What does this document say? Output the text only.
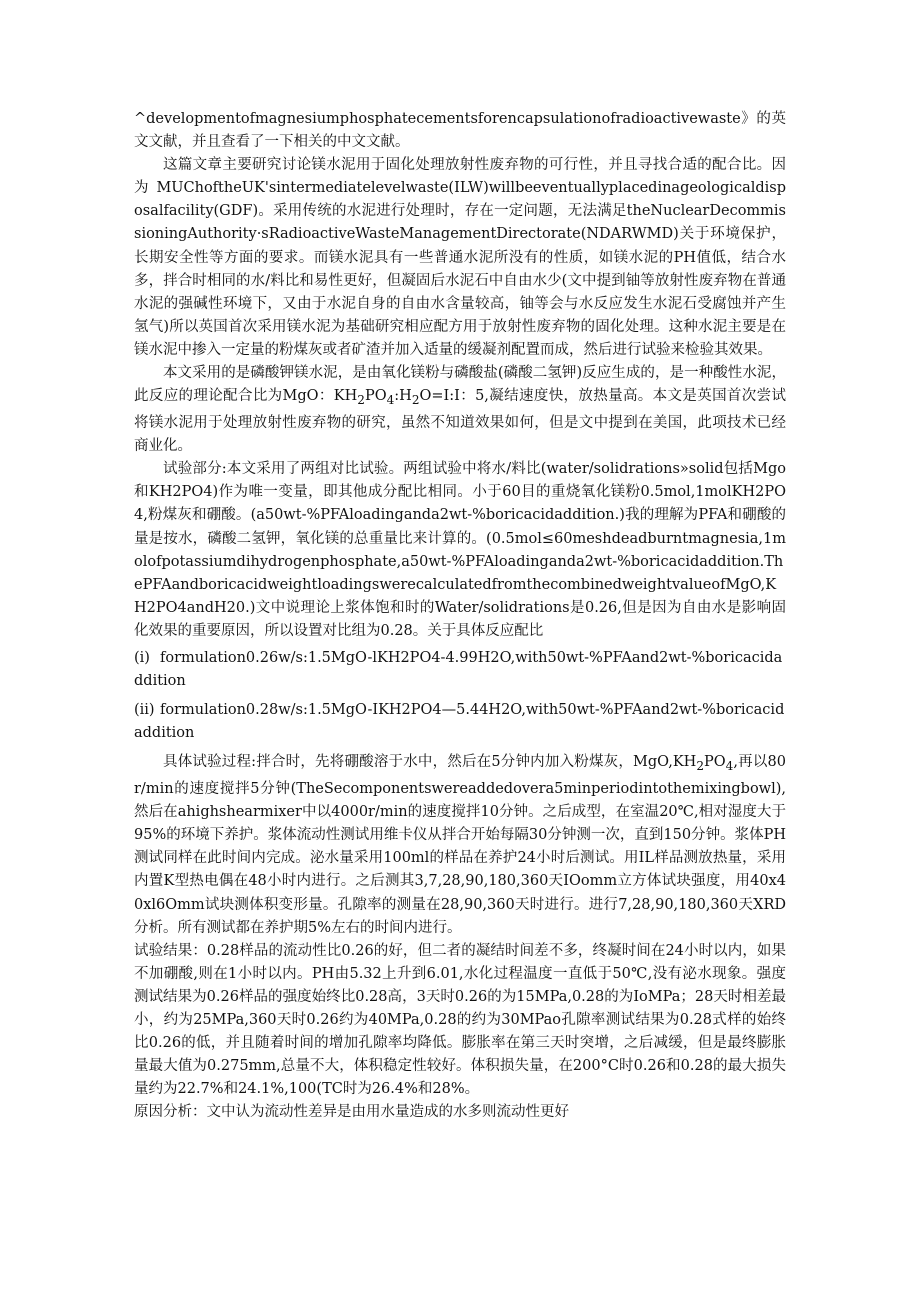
^developmentofmagnesiumphosphatecementsforencapsulationofradioactivewaste》的英文文献，并且查看了一下相关的中文文献。

这篇文章主要研究讨论镁水泥用于固化处理放射性废弃物的可行性，并且寻找合适的配合比。因为MUChoftheUK'sintermediatelevelwaste(ILW)willbeeventuallyplacedinageologicaldisposalfacility(GDF)。采用传统的水泥进行处理时，存在一定问题，无法满足theNuclearDecommissioningAuthority·sRadioactiveWasteManagementDirectorate(NDARWMD)关于环境保护，长期安全性等方面的要求。而镁水泥具有一些普通水泥所没有的性质，如镁水泥的PH值低，结合水多，拌合时相同的水/料比和易性更好，但凝固后水泥石中自由水少(文中提到铀等放射性废弃物在普通水泥的强碱性环境下，又由于水泥自身的自由水含量较高，铀等会与水反应发生水泥石受腐蚀并产生氢气)所以英国首次采用镁水泥为基础研究相应配方用于放射性废弃物的固化处理。这种水泥主要是在镁水泥中掺入一定量的粉煤灰或者矿渣并加入适量的缓凝剂配置而成，然后进行试验来检验其效果。

本文采用的是磷酸钾镁水泥，是由氧化镁粉与磷酸盐(磷酸二氢钾)反应生成的，是一种酸性水泥，此反应的理论配合比为MgO：$KH_2PO_4:H_2O=I:I$：5,凝结速度快，放热量高。本文是英国首次尝试将镁水泥用于处理放射性废弃物的研究，虽然不知道效果如何，但是文中提到在美国，此项技术已经商业化。

试验部分:本文采用了两组对比试验。两组试验中将水/料比(water/solidrations»solid包括Mgo和KH2PO4)作为唯一变量，即其他成分配比相同。小于60目的重烧氧化镁粉0.5mol,1molKH2PO4,粉煤灰和硼酸。(a50wt-%PFAloadinganda2wt-%boricacidaddition.)我的理解为PFA和硼酸的量是按水，磷酸二氢钾，氧化镁的总重量比来计算的。(0.5mol≤60meshdeadburntmagnesia,1molofpotassiumdihydrogenphosphate,a50wt-%PFAloadinganda2wt-%boricacidaddition.ThePFAandboricacidweightloadingswerecalculatedfromthecombinedweightvalueofMgO,KH2PO4andH20.)文中说理论上浆体饱和时的Water/solidrations是0.26,但是因为自由水是影响固化效果的重要原因，所以设置对比组为0.28。关于具体反应配比

(i) formulation0.26w/s:1.5MgO-lKH2PO4-4.99H2O,with50wt-%PFAand2wt-%boricacidaddition

(ii) formulation0.28w/s:1.5MgO-IKH2PO4—5.44H2O,with50wt-%PFAand2wt-%boricacidaddition

具体试验过程:拌合时，先将硼酸溶于水中，然后在5分钟内加入粉煤灰，$MgO,KH_2PO_4$,再以80r/min的速度搅拌5分钟(TheSecomponentswereaddedovera5minperiodintothemixingbowl),然后在ahighshearmixer中以4000r/min的速度搅拌10分钟。之后成型，在室温20℃,相对湿度大于95%的环境下养护。浆体流动性测试用维卡仪从拌合开始每隔30分钟测一次，直到150分钟。浆体PH测试同样在此时间内完成。泌水量采用100ml的样品在养护24小时后测试。用IL样品测放热量，采用内置K型热电偶在48小时内进行。之后测其3,7,28,90,180,360天IOomm立方体试块强度，用40x40xl6Omm试块测体积变形量。孔隙率的测量在28,90,360天时进行。进行7,28,90,180,360天XRD分析。所有测试都在养护期5%左右的时间内进行。

试验结果：0.28样品的流动性比0.26的好，但二者的凝结时间差不多，终凝时间在24小时以内，如果不加硼酸,则在1小时以内。PH由5.32上升到6.01,水化过程温度一直低于50℃,没有泌水现象。强度测试结果为0.26样品的强度始终比0.28高，3天时0.26的为15MPa,0.28的为IoMPa；28天时相差最小，约为25MPa,360天时0.26约为40MPa,0.28的约为30MPao孔隙率测试结果为0.28式样的始终比0.26的低，并且随着时间的增加孔隙率均降低。膨胀率在第三天时突增，之后减缓，但是最终膨胀量最大值为0.275mm,总量不大，体积稳定性较好。体积损失量，在200°C时0.26和0.28的最大损失量约为22.7%和24.1%,100(TC时为26.4%和28%。

原因分析：文中认为流动性差异是由用水量造成的水多则流动性更好
